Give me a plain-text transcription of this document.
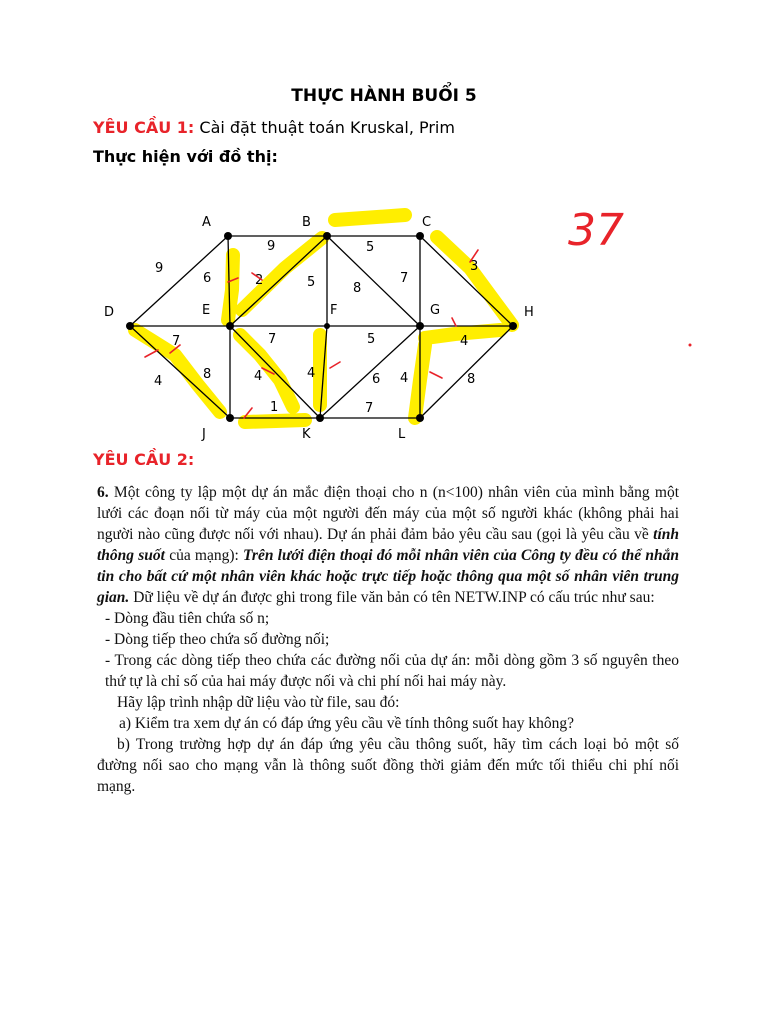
THỰC HÀNH BUỔI 5
YÊU CẦU 1: Cài đặt thuật toán Kruskal, Prim
Thực hiện với đồ thị:
A	B	C
D	E	F	G	H
J	K	L
9
6
9
2	5
5
8
7
3
7
4	8	4
7
4
5
6 4
4
8
1	7
37
YÊU CẦU 2:

6. Một công ty lập một dự án mắc điện thoại cho n (n<100) nhân viên của mình bằng một lưới các đoạn nối từ máy của một người đến máy của một số người khác (không phải hai người nào cũng được nối với nhau). Dự án phải đảm bảo yêu cầu sau (gọi là yêu cầu về tính thông suốt của mạng): Trên lưới điện thoại đó mỗi nhân viên của Công ty đều có thể nhắn tin cho bất cứ một nhân viên khác hoặc trực tiếp hoặc thông qua một số nhân viên trung gian. Dữ liệu về dự án được ghi trong file văn bản có tên NETW.INP có cấu trúc như sau:

- Dòng đầu tiên chứa số n;

- Dòng tiếp theo chứa số đường nối;

- Trong các dòng tiếp theo chứa các đường nối của dự án: mỗi dòng gồm 3 số nguyên theo thứ tự là chỉ số của hai máy được nối và chi phí nối hai máy này.

Hãy lập trình nhập dữ liệu vào từ file, sau đó:

a) Kiểm tra xem dự án có đáp ứng yêu cầu về tính thông suốt hay không?

b) Trong trường hợp dự án đáp ứng yêu cầu thông suốt, hãy tìm cách loại bỏ một số đường nối sao cho mạng vẫn là thông suốt đồng thời giảm đến mức tối thiểu chi phí nối mạng.
